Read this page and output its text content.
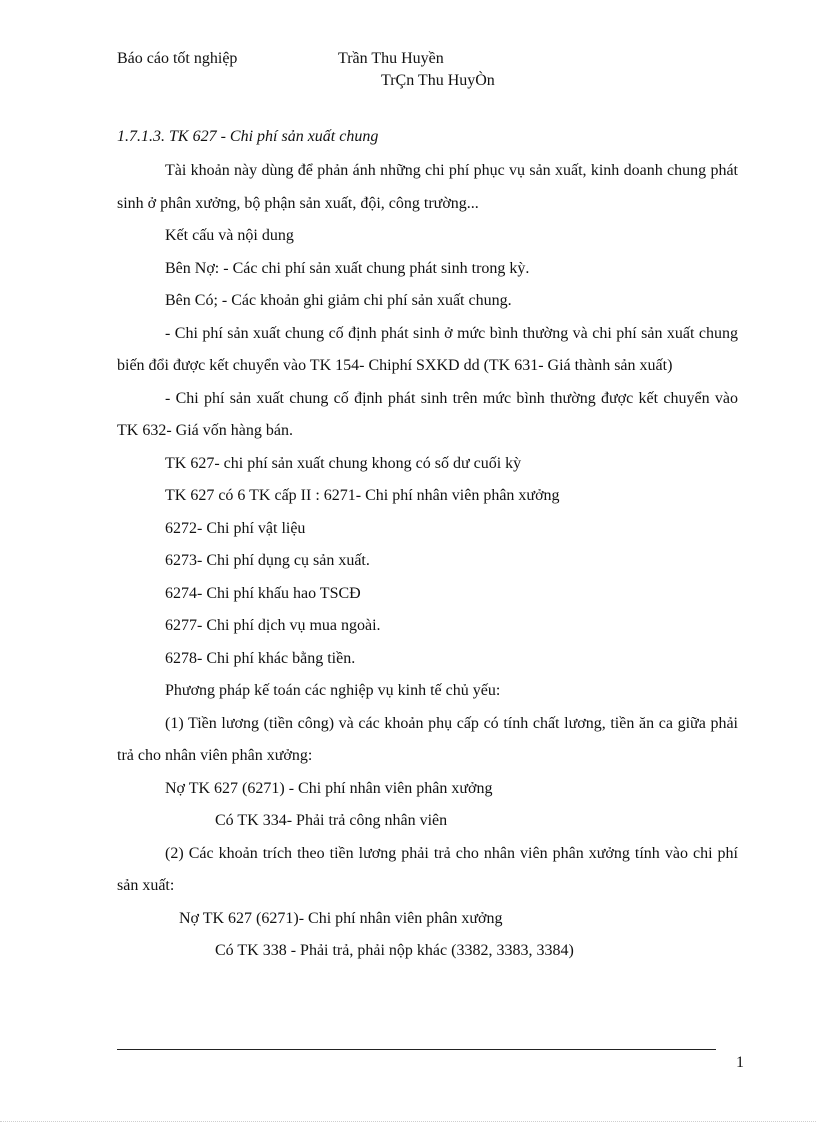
Báo cáo tốt nghiệp	Trần Thu Huyền
TrÇn Thu HuyÒn
1.7.1.3. TK 627 - Chi phí sản xuất chung

Tài khoản này dùng để phản ánh những chi phí phục vụ sản xuất, kinh doanh chung phát sinh ở phân xưởng, bộ phận sản xuất, đội, công trường...

Kết cấu và nội dung

Bên Nợ: - Các chi phí sản xuất chung phát sinh trong kỳ.

Bên Có; - Các khoản ghi giảm chi phí sản xuất chung.

- Chi phí sản xuất chung cố định phát sinh ở mức bình thường và chi phí sản xuất chung biến đổi được kết chuyển vào TK 154- Chiphí SXKD dd (TK 631- Giá thành sản xuất)

- Chi phí sản xuất chung cố định phát sinh trên mức bình thường được kết chuyển vào TK 632- Giá vốn hàng bán.

TK 627- chi phí sản xuất chung khong có số dư cuối kỳ

TK 627 có 6 TK cấp II : 6271- Chi phí nhân viên phân xưởng

6272- Chi phí vật liệu

6273- Chi phí dụng cụ sản xuất.

6274- Chi phí khấu hao TSCĐ

6277- Chi phí dịch vụ mua ngoài.

6278- Chi phí khác bằng tiền.

Phương pháp kế toán các nghiệp vụ kinh tế chủ yếu:

(1) Tiền lương (tiền công) và các khoản phụ cấp có tính chất lương, tiền ăn ca giữa phải trả cho nhân viên phân xưởng:

Nợ TK 627 (6271) - Chi phí nhân viên phân xưởng

Có TK 334- Phải trả công nhân viên

(2) Các khoản trích theo tiền lương phải trả cho nhân viên phân xưởng tính vào chi phí sản xuất:

Nợ TK 627 (6271)- Chi phí nhân viên phân xưởng

Có TK 338 - Phải trả, phải nộp khác (3382, 3383, 3384)

1
